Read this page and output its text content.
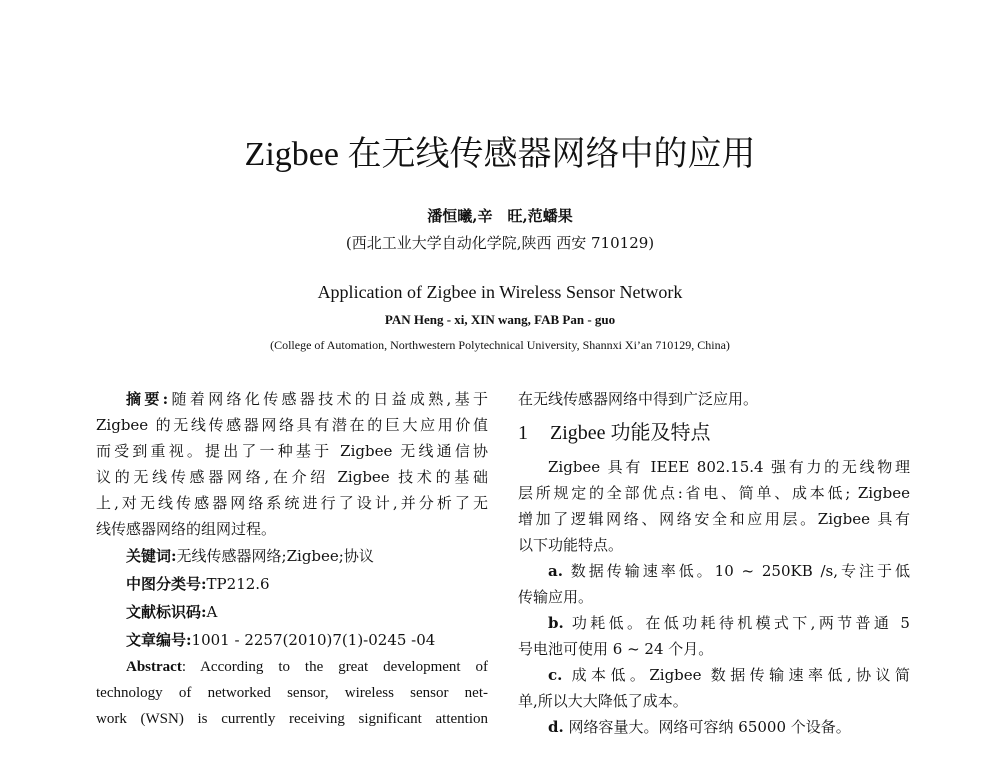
Zigbee 在无线传感器网络中的应用
潘恒曦,辛　旺,范蟠果
(西北工业大学自动化学院,陕西 西安 710129)
Application of Zigbee in Wireless Sensor Network
PAN Heng - xi, XIN wang, FAB Pan - guo
(College of Automation, Northwestern Polytechnical University, Shannxi Xi’an 710129, China)
摘要:随着网络化传感器技术的日益成熟,基于
Zigbee 的无线传感器网络具有潜在的巨大应用价值
而受到重视。提出了一种基于 Zigbee 无线通信协
议的无线传感器网络,在介绍 Zigbee 技术的基础
上,对无线传感器网络系统进行了设计,并分析了无
线传感器网络的组网过程。
关键词:无线传感器网络;Zigbee;协议
中图分类号:TP212.6
文献标识码:A
文章编号:1001 - 2257(2010)7(1)-0245 -04
Abstract: According to the great development of
technology of networked sensor, wireless sensor net-
work (WSN) is currently receiving significant attention
在无线传感器网络中得到广泛应用。
1 Zigbee 功能及特点
Zigbee 具有 IEEE 802.15.4 强有力的无线物理
层所规定的全部优点:省电、简单、成本低; Zigbee
增加了逻辑网络、网络安全和应用层。Zigbee 具有
以下功能特点。
a. 数据传输速率低。10 ~ 250KB /s,专注于低
传输应用。
b. 功耗低。在低功耗待机模式下,两节普通 5
号电池可使用 6 ~ 24 个月。
c. 成本低。Zigbee 数据传输速率低,协议简
单,所以大大降低了成本。
d. 网络容量大。网络可容纳 65000 个设备。
